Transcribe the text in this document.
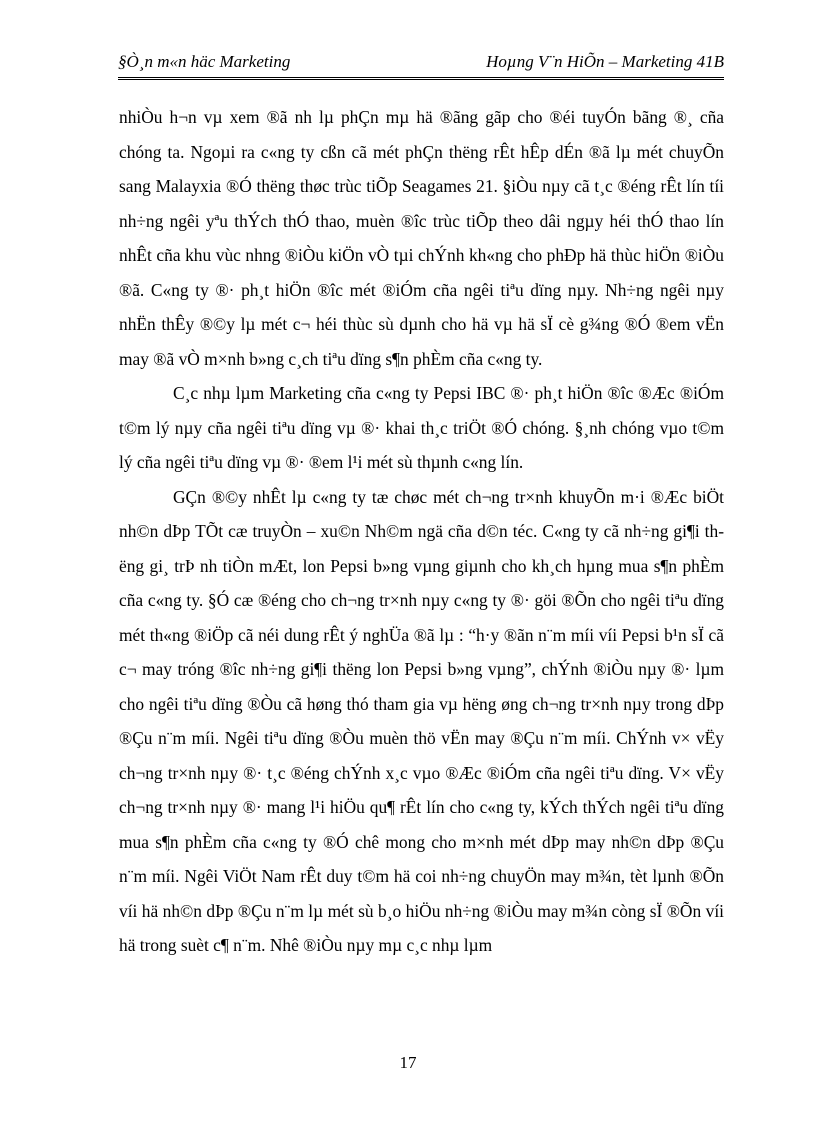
§Ò¸n m«n häc Marketing	Hoµng V¨n HiÕn – Marketing 41B

nhiÒu h¬n vµ xem ®ã nh lµ phÇn mµ hä ®ãng gãp cho ®éi tuyÓn bãng ®¸ cña chóng ta. Ngoµi ra c«ng ty cßn cã mét phÇn thëng rÊt hÊp dÉn ®ã lµ mét chuyÕn sang Malayxia ®Ó thëng thøc trùc tiÕp Seagames 21. §iÒu nµy cã t¸c ®éng rÊt lín tíi nh÷ng ngêi yªu thÝch thÓ thao, muèn ®îc trùc tiÕp theo dâi ngµy héi thÓ thao lín nhÊt cña khu vùc nhng ®iÒu kiÖn vÒ tµi chÝnh kh«ng cho phÐp hä thùc hiÖn ®iÒu ®ã. C«ng ty ®· ph¸t hiÖn ®îc mét ®iÓm cña ngêi tiªu dïng nµy. Nh÷ng ngêi nµy nhËn thÊy ®©y lµ mét c¬ héi thùc sù dµnh cho hä vµ hä sÏ cè g¾ng ®Ó ®em vËn may ®ã vÒ m×nh b»ng c¸ch tiªu dïng s¶n phÈm cña c«ng ty.

C¸c nhµ lµm Marketing cña c«ng ty Pepsi IBC ®· ph¸t hiÖn ®îc ®Æc ®iÓm t©m lý nµy cña ngêi tiªu dïng vµ ®· khai th¸c triÖt ®Ó chóng. §¸nh chóng vµo t©m lý cña ngêi tiªu dïng vµ ®· ®em l¹i mét sù thµnh c«ng lín.

GÇn ®©y nhÊt lµ c«ng ty tæ chøc mét ch¬ng tr×nh khuyÕn m·i ®Æc biÖt nh©n dÞp TÕt cæ truyÒn – xu©n Nh©m ngä cña d©n téc. C«ng ty cã nh÷ng gi¶i thëng gi¸ trÞ nh tiÒn mÆt, lon Pepsi b»ng vµng giµnh cho kh¸ch hµng mua s¶n phÈm cña c«ng ty. §Ó cæ ®éng cho ch¬ng tr×nh nµy c«ng ty ®· göi ®Õn cho ngêi tiªu dïng mét th«ng ®iÖp cã néi dung rÊt ý nghÜa ®ã lµ : “h·y ®ãn n¨m míi víi Pepsi b¹n sÏ cã c¬ may tróng ®îc nh÷ng gi¶i thëng lon Pepsi b»ng vµng”, chÝnh ®iÒu nµy ®· lµm cho ngêi tiªu dïng ®Òu cã høng thó tham gia vµ hëng øng ch¬ng tr×nh nµy trong dÞp ®Çu n¨m míi. Ngêi tiªu dïng ®Òu muèn thö vËn may ®Çu n¨m míi. ChÝnh v× vËy ch¬ng tr×nh nµy ®· t¸c ®éng chÝnh x¸c vµo ®Æc ®iÓm cña ngêi tiªu dïng. V× vËy ch¬ng tr×nh nµy ®· mang l¹i hiÖu qu¶ rÊt lín cho c«ng ty, kÝch thÝch ngêi tiªu dïng mua s¶n phÈm cña c«ng ty ®Ó chê mong cho m×nh mét dÞp may nh©n dÞp ®Çu n¨m míi. Ngêi ViÖt Nam rÊt duy t©m hä coi nh÷ng chuyÖn may m¾n, tèt lµnh ®Õn víi hä nh©n dÞp ®Çu n¨m lµ mét sù b¸o hiÖu nh÷ng ®iÒu may m¾n còng sÏ ®Õn víi hä trong suèt c¶ n¨m. Nhê ®iÒu nµy mµ c¸c nhµ lµm

17
